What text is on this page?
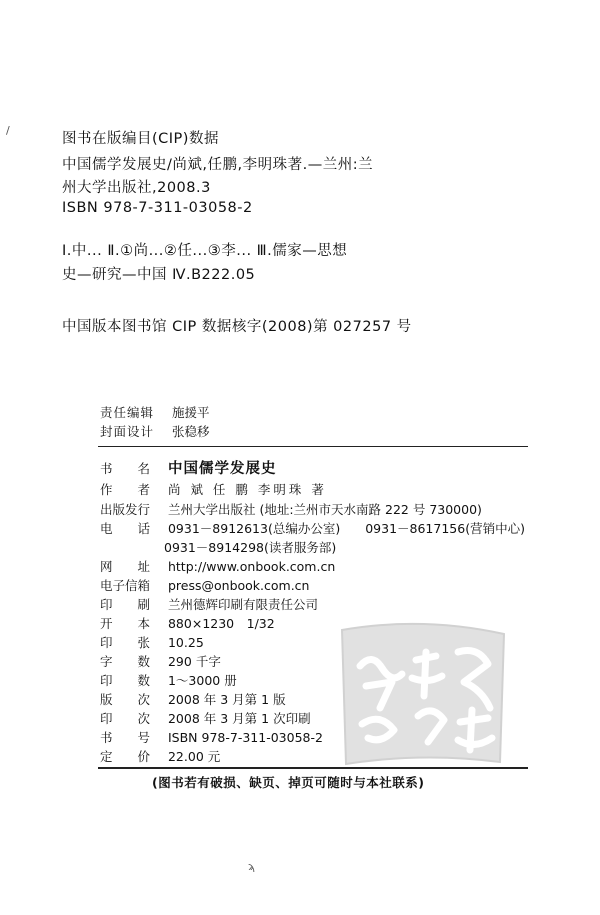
图书在版编目(CIP)数据
中国儒学发展史/尚斌,任鹏,李明珠著.—兰州:兰
州大学出版社,2008.3
ISBN 978-7-311-03058-2
Ⅰ.中... Ⅱ.①尚...②任...③李... Ⅲ.儒家—思想
史—研究—中国 Ⅳ.B222.05
中国版本图书馆 CIP 数据核字(2008)第 027257 号
责任编辑 施援平
封面设计 张稳移
书　　名 中国儒学发展史
作　　者 尚 斌 任 鹏 李明珠 著
出版发行 兰州大学出版社 (地址:兰州市天水南路 222 号 730000)
电　　话 0931－8912613(总编办公室)　　0931－8617156(营销中心)
0931－8914298(读者服务部)
网　　址 http://www.onbook.com.cn
电子信箱 press@onbook.com.cn
印　　刷 兰州德辉印刷有限责任公司
开　　本 880×1230　1/32
印　　张 10.25
字　　数 290 千字
印　　数 1～3000 册
版　　次 2008 年 3 月第 1 版
印　　次 2008 年 3 月第 1 次印刷
书　　号 ISBN 978-7-311-03058-2
定　　价 22.00 元
(图书若有破损、缺页、掉页可随时与本社联系)
/
ϡ
